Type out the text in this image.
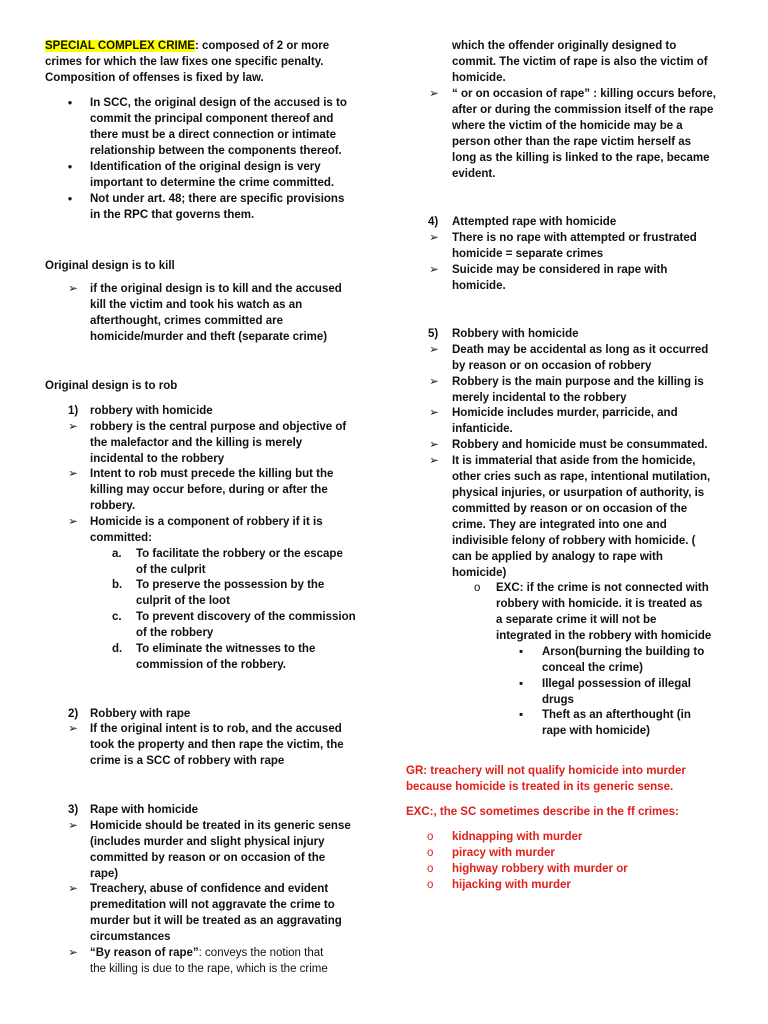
SPECIAL COMPLEX CRIME: composed of 2 or more
crimes for which the law fixes one specific penalty.
Composition of offenses is fixed by law.
●	In SCC, the original design of the accused is to
commit the principal component thereof and
there must be a direct connection or intimate
relationship between the components thereof.
●	Identification of the original design is very
important to determine the crime committed.
●	Not under art. 48; there are specific provisions
in the RPC that governs them.
Original design is to kill
➢ if the original design is to kill and the accused
kill the victim and took his watch as an
afterthought, crimes committed are
homicide/murder and theft (separate crime)
Original design is to rob
1) robbery with homicide
➢ robbery is the central purpose and objective of
the malefactor and the killing is merely
incidental to the robbery
➢ Intent to rob must precede the killing but the
killing may occur before, during or after the
robbery.
➢ Homicide is a component of robbery if it is
committed:
a. To facilitate the robbery or the escape
of the culprit
b. To preserve the possession by the
culprit of the loot
c. To prevent discovery of the commission
of the robbery
d. To eliminate the witnesses to the
commission of the robbery.
2) Robbery with rape
➢ If the original intent is to rob, and the accused
took the property and then rape the victim, the
crime is a SCC of robbery with rape
3) Rape with homicide
➢ Homicide should be treated in its generic sense
(includes murder and slight physical injury
committed by reason or on occasion of the
rape)
➢ Treachery, abuse of confidence and evident
premeditation will not aggravate the crime to
murder but it will be treated as an aggravating
circumstances
➢ “By reason of rape”: conveys the notion that
the killing is due to the rape, which is the crime
which the offender originally designed to
commit. The victim of rape is also the victim of
homicide.
➢ “ or on occasion of rape” : killing occurs before,
after or during the commission itself of the rape
where the victim of the homicide may be a
person other than the rape victim herself as
long as the killing is linked to the rape, became
evident.
4) Attempted rape with homicide
➢ There is no rape with attempted or frustrated
homicide = separate crimes
➢ Suicide may be considered in rape with
homicide.
5) Robbery with homicide
➢ Death may be accidental as long as it occurred
by reason or on occasion of robbery
➢ Robbery is the main purpose and the killing is
merely incidental to the robbery
➢ Homicide includes murder, parricide, and
infanticide.
➢ Robbery and homicide must be consummated.
➢ It is immaterial that aside from the homicide,
other cries such as rape, intentional mutilation,
physical injuries, or usurpation of authority, is
committed by reason or on occasion of the
crime. They are integrated into one and
indivisible felony of robbery with homicide. (
can be applied by analogy to rape with
homicide)
o EXC: if the crime is not connected with
robbery with homicide. it is treated as
a separate crime it will not be
integrated in the robbery with homicide
▪ Arson(burning the building to
conceal the crime)
▪ Illegal possession of illegal
drugs
▪ Theft as an afterthought (in
rape with homicide)
GR: treachery will not qualify homicide into murder
because homicide is treated in its generic sense.
EXC:, the SC sometimes describe in the ff crimes:
o kidnapping with murder
o piracy with murder
o highway robbery with murder or
o hijacking with murder
